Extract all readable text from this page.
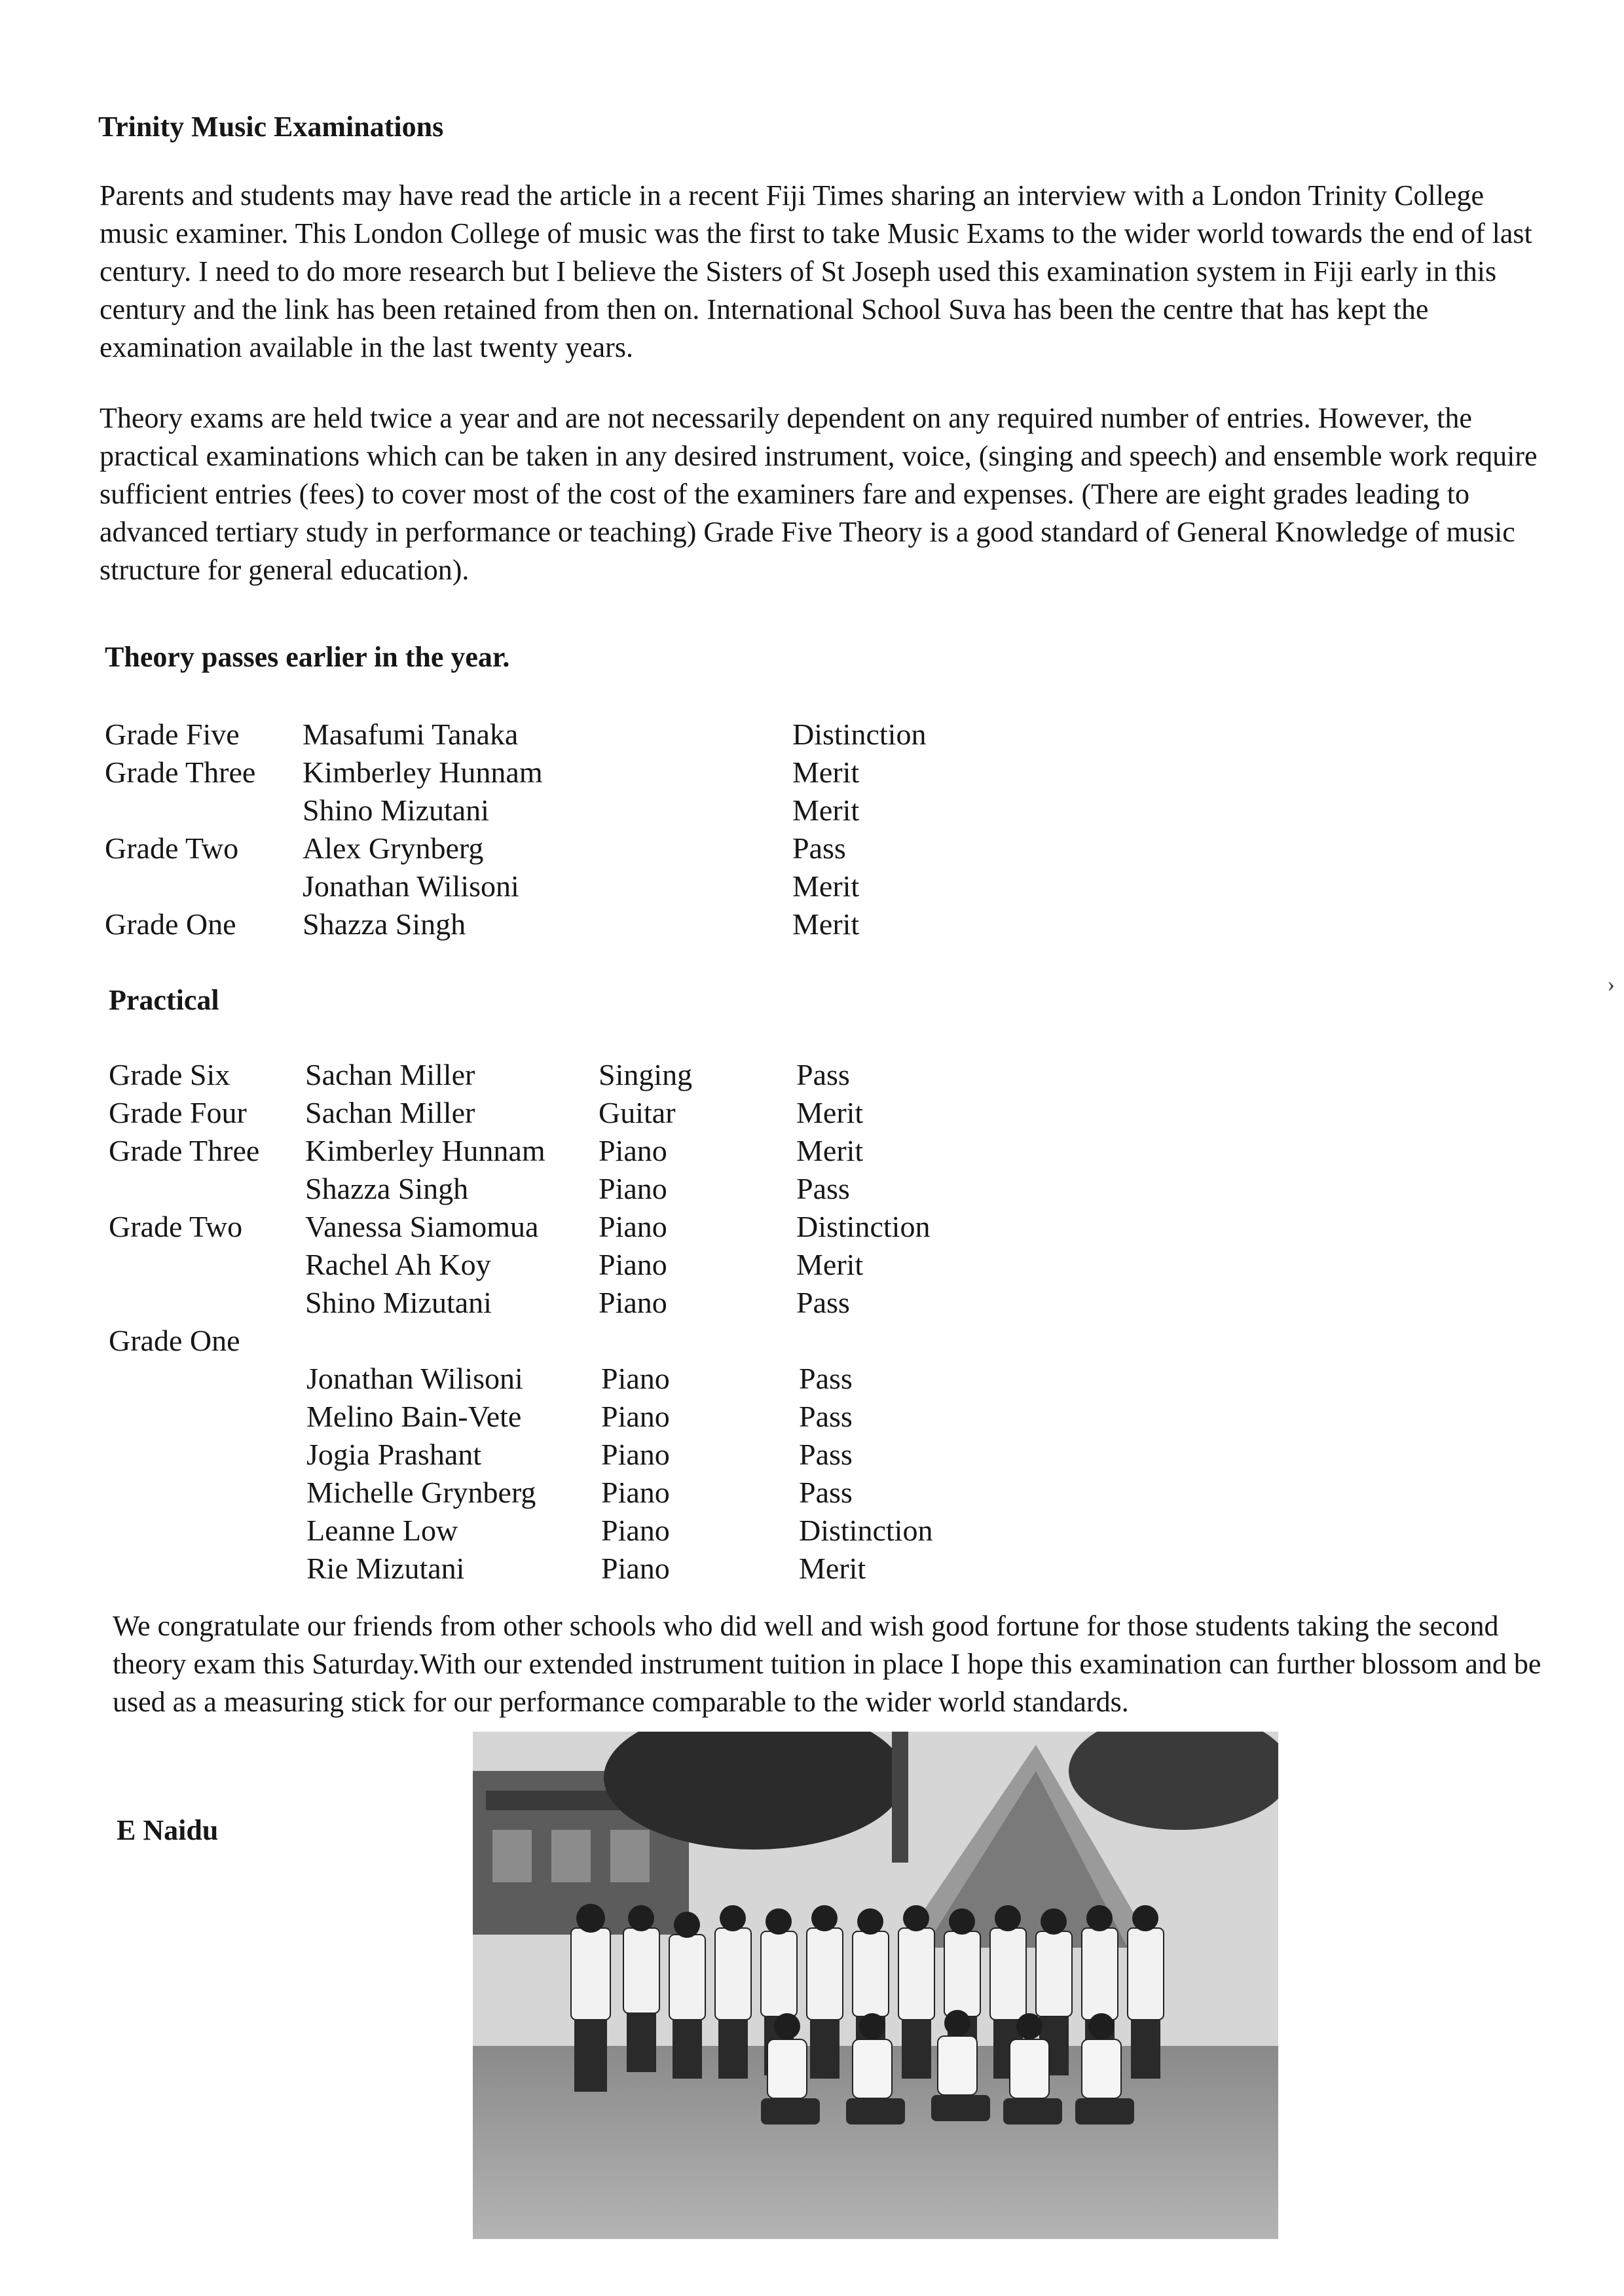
Trinity Music Examinations

Parents and students may have read the article in a recent Fiji Times sharing an interview with a London Trinity College music examiner. This London College of music was the first to take Music Exams to the wider world towards the end of last century. I need to do more research but I believe the Sisters of St Joseph used this examination system in Fiji early in this century and the link has been retained from then on. International School Suva has been the centre that has kept the examination available in the last twenty years.

Theory exams are held twice a year and are not necessarily dependent on any required number of entries. However, the practical examinations which can be taken in any desired instrument, voice, (singing and speech) and ensemble work require sufficient entries (fees) to cover most of the cost of the examiners fare and expenses. (There are eight grades leading to advanced tertiary study in performance or teaching) Grade Five Theory is a good standard of General Knowledge of music structure for general education).

Theory passes earlier in the year.
Grade Five Masafumi Tanaka	Distinction
Grade Three Kimberley Hunnam	Merit
Shino Mizutani	Merit
Grade Two Alex Grynberg	Pass
Jonathan Wilisoni	Merit
Grade One Shazza Singh	Merit
Practical
Grade Six Sachan Miller	Singing	Pass
Grade Four Sachan Miller	Guitar	Merit
Grade Three Kimberley Hunnam Piano	Merit
Shazza Singh	Piano	Pass
Grade Two Vanessa Siamomua Piano	Distinction
Rachel Ah Koy	Piano	Merit
Shino Mizutani	Piano	Pass
Grade One
Jonathan Wilisoni	Piano	Pass
Melino Bain-Vete	Piano	Pass
Jogia Prashant	Piano	Pass
Michelle Grynberg Piano	Pass
Leanne Low	Piano	Distinction
Rie Mizutani	Piano	Merit

We congratulate our friends from other schools who did well and wish good fortune for those students taking the second theory exam this Saturday.With our extended instrument tuition in place I hope this examination can further blossom and be used as a measuring stick for our performance comparable to the wider world standards.

E Naidu
›
